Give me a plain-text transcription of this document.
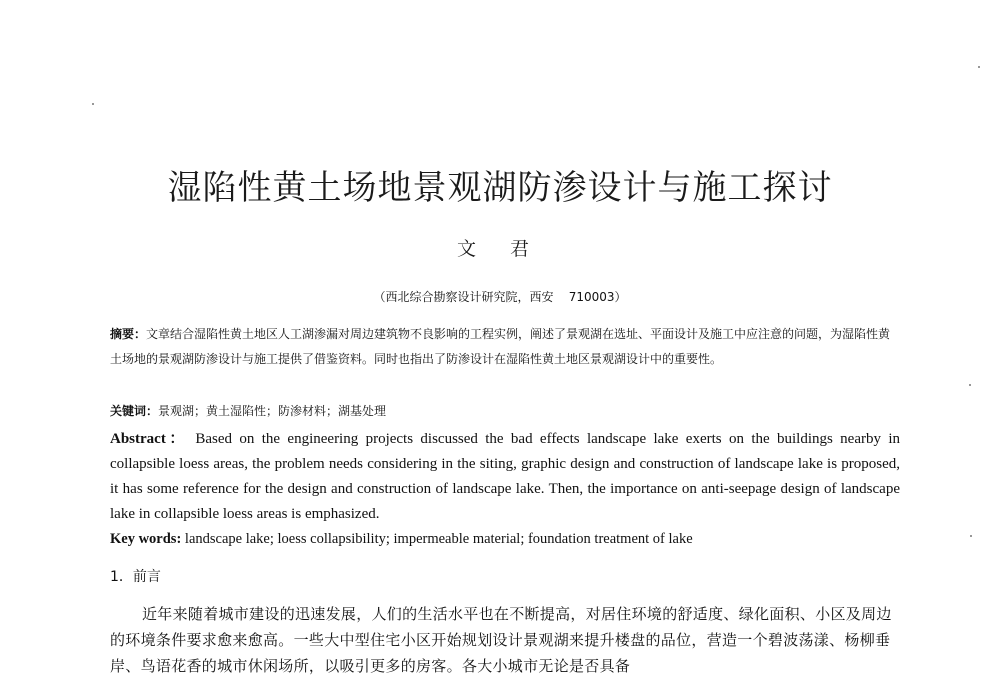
湿陷性黄土场地景观湖防渗设计与施工探讨
文 君
（西北综合勘察设计研究院，西安    710003）
摘要：文章结合湿陷性黄土地区人工湖渗漏对周边建筑物不良影响的工程实例，阐述了景观湖在选址、平面设计及施工中应注意的问题，为湿陷性黄土场地的景观湖防渗设计与施工提供了借鉴资料。同时也指出了防渗设计在湿陷性黄土地区景观湖设计中的重要性。
关键词：景观湖；黄土湿陷性；防渗材料；湖基处理
Abstract： Based on the engineering projects discussed the bad effects landscape lake exerts on the buildings nearby in collapsible loess areas, the problem needs considering in the siting, graphic design and construction of landscape lake is proposed, it has some reference for the design and construction of landscape lake. Then, the importance on anti-seepage design of landscape lake in collapsible loess areas is emphasized.
Key words: landscape lake; loess collapsibility; impermeable material; foundation treatment of lake
1．前言
近年来随着城市建设的迅速发展，人们的生活水平也在不断提高，对居住环境的舒适度、绿化面积、小区及周边的环境条件要求愈来愈高。一些大中型住宅小区开始规划设计景观湖来提升楼盘的品位，营造一个碧波荡漾、杨柳垂岸、鸟语花香的城市休闲场所，以吸引更多的房客。各大小城市无论是否具备
